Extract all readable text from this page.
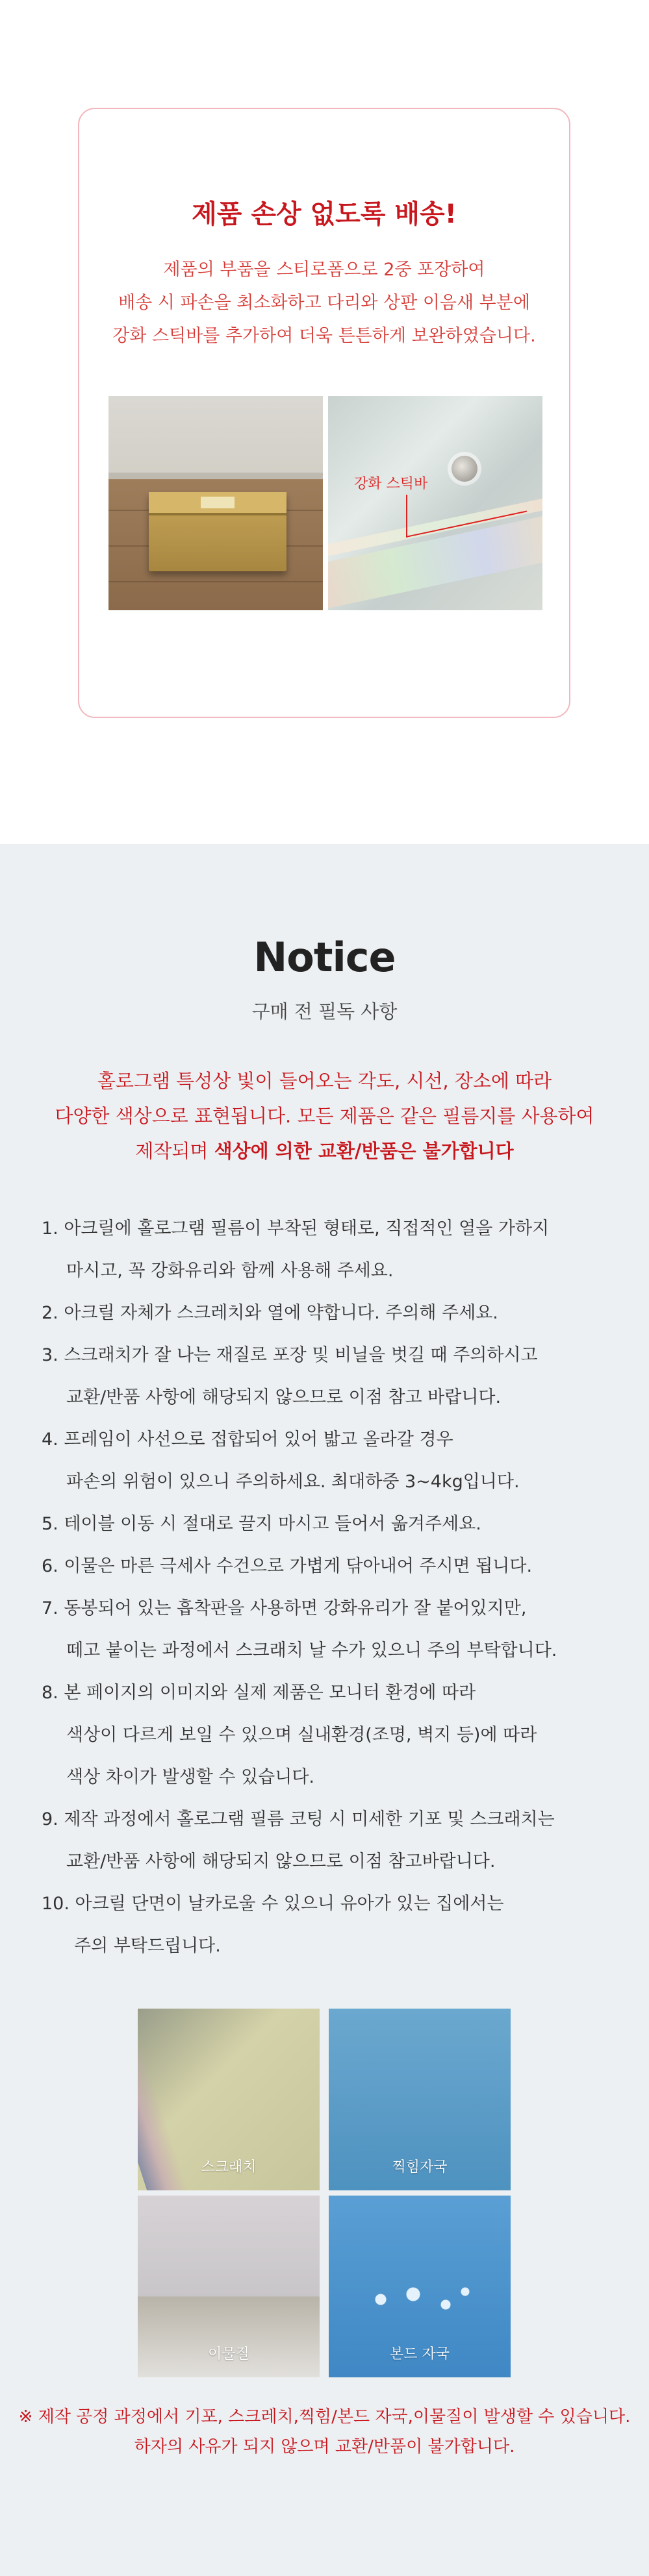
제품 손상 없도록 배송!
제품의 부품을 스티로폼으로 2중 포장하여
배송 시 파손을 최소화하고 다리와 상판 이음새 부분에
강화 스틱바를 추가하여 더욱 튼튼하게 보완하였습니다.
강화 스틱바
Notice
구매 전 필독 사항
홀로그램 특성상 빛이 들어오는 각도, 시선, 장소에 따라
다양한 색상으로 표현됩니다. 모든 제품은 같은 필름지를 사용하여
제작되며 색상에 의한 교환/반품은 불가합니다
1. 아크릴에 홀로그램 필름이 부착된 형태로, 직접적인 열을 가하지
마시고, 꼭 강화유리와 함께 사용해 주세요.
2. 아크릴 자체가 스크레치와 열에 약합니다. 주의해 주세요.
3. 스크래치가 잘 나는 재질로 포장 및 비닐을 벗길 때 주의하시고
교환/반품 사항에 해당되지 않으므로 이점 참고 바랍니다.
4. 프레임이 사선으로 접합되어 있어 밟고 올라갈 경우
파손의 위험이 있으니 주의하세요. 최대하중 3~4kg입니다.
5. 테이블 이동 시 절대로 끌지 마시고 들어서 옮겨주세요.
6. 이물은 마른 극세사 수건으로 가볍게 닦아내어 주시면 됩니다.
7. 동봉되어 있는 흡착판을 사용하면 강화유리가 잘 붙어있지만,
떼고 붙이는 과정에서 스크래치 날 수가 있으니 주의 부탁합니다.
8. 본 페이지의 이미지와 실제 제품은 모니터 환경에 따라
색상이 다르게 보일 수 있으며 실내환경(조명, 벽지 등)에 따라
색상 차이가 발생할 수 있습니다.
9. 제작 과정에서 홀로그램 필름 코팅 시 미세한 기포 및 스크래치는
교환/반품 사항에 해당되지 않으므로 이점 참고바랍니다.
10. 아크릴 단면이 날카로울 수 있으니 유아가 있는 집에서는
주의 부탁드립니다.
스크래치	찍힘자국
이물질	본드 자국
※ 제작 공정 과정에서 기포, 스크레치,찍힘/본드 자국,이물질이 발생할 수 있습니다.
하자의 사유가 되지 않으며 교환/반품이 불가합니다.
